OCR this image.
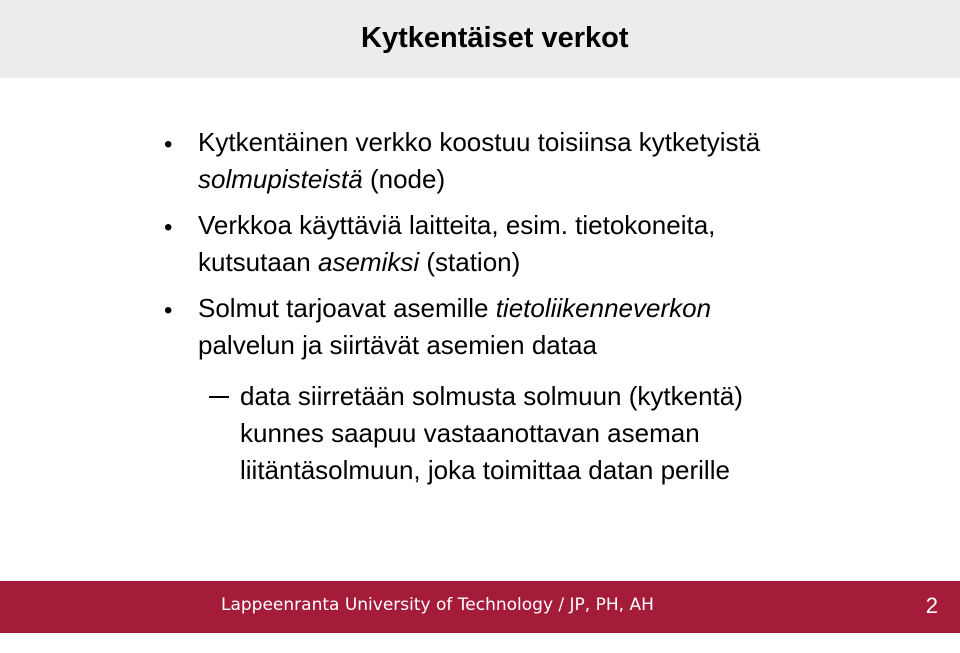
Kytkentäiset verkot
• Kytkentäinen verkko koostuu toisiinsa kytketyistä
solmupisteistä (node)
• Verkkoa käyttäviä laitteita, esim. tietokoneita,
kutsutaan asemiksi (station)
• Solmut tarjoavat asemille tietoliikenneverkon
palvelun ja siirtävät asemien dataa
data siirretään solmusta solmuun (kytkentä)
kunnes saapuu vastaanottavan aseman
liitäntäsolmuun, joka toimittaa datan perille
Lappeenranta University of Technology / JP, PH, AH	2
